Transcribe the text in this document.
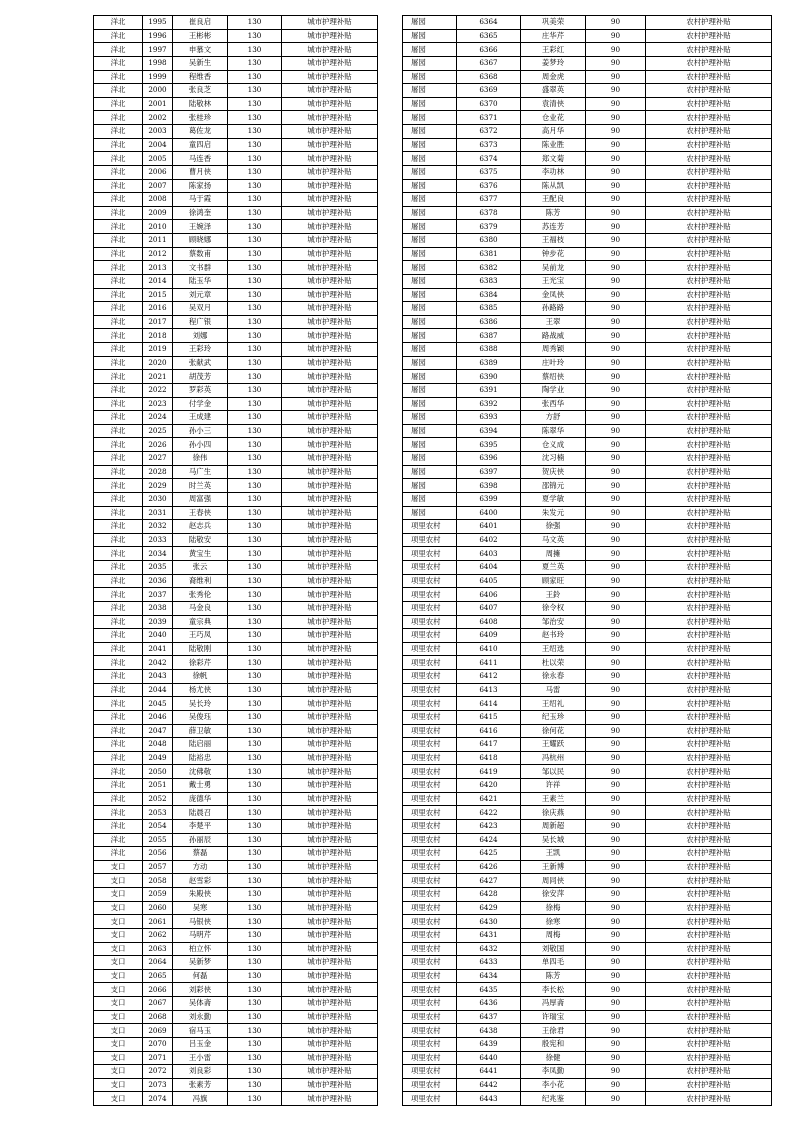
洋北	1995	崔良启	130	城市护理补贴
洋北	1996	王彬彬	130	城市护理补贴
洋北	1997	申慕文	130	城市护理补贴
洋北	1998	吴新生	130	城市护理补贴
洋北	1999	程维香	130	城市护理补贴
洋北	2000	张良芝	130	城市护理补贴
洋北	2001	陆敬林	130	城市护理补贴
洋北	2002	张桂珍	130	城市护理补贴
洋北	2003	葛佐龙	130	城市护理补贴
洋北	2004	童四启	130	城市护理补贴
洋北	2005	马连香	130	城市护理补贴
洋北	2006	曹月侠	130	城市护理补贴
洋北	2007	陈家扬	130	城市护理补贴
洋北	2008	马于霞	130	城市护理补贴
洋北	2009	徐鸿奎	130	城市护理补贴
洋北	2010	王婉泽	130	城市护理补贴
洋北	2011	顾晓娜	130	城市护理补贴
洋北	2012	蔡数甫	130	城市护理补贴
洋北	2013	文书群	130	城市护理补贴
洋北	2014	陆玉华	130	城市护理补贴
洋北	2015	刘元章	130	城市护理补贴
洋北	2016	吴双月	130	城市护理补贴
洋北	2017	程广银	130	城市护理补贴
洋北	2018	刘娜	130	城市护理补贴
洋北	2019	王彩玲	130	城市护理补贴
洋北	2020	张献武	130	城市护理补贴
洋北	2021	胡茂芳	130	城市护理补贴
洋北	2022	罗彩英	130	城市护理补贴
洋北	2023	付学金	130	城市护理补贴
洋北	2024	王成建	130	城市护理补贴
洋北	2025	孙小三	130	城市护理补贴
洋北	2026	孙小四	130	城市护理补贴
洋北	2027	徐伟	130	城市护理补贴
洋北	2028	马广生	130	城市护理补贴
洋北	2029	时兰英	130	城市护理补贴
洋北	2030	周富强	130	城市护理补贴
洋北	2031	王春侠	130	城市护理补贴
洋北	2032	赵志兵	130	城市护理补贴
洋北	2033	陆敬安	130	城市护理补贴
洋北	2034	黄宝生	130	城市护理补贴
洋北	2035	张云	130	城市护理补贴
洋北	2036	裔维利	130	城市护理补贴
洋北	2037	张秀伦	130	城市护理补贴
洋北	2038	马金良	130	城市护理补贴
洋北	2039	童宗典	130	城市护理补贴
洋北	2040	王巧凤	130	城市护理补贴
洋北	2041	陆敬刚	130	城市护理补贴
洋北	2042	徐彩芹	130	城市护理补贴
洋北	2043	徐帆	130	城市护理补贴
洋北	2044	杨尤侠	130	城市护理补贴
洋北	2045	吴长玲	130	城市护理补贴
洋北	2046	吴俊珏	130	城市护理补贴
洋北	2047	薛卫敏	130	城市护理补贴
洋北	2048	陆启丽	130	城市护理补贴
洋北	2049	陆裕忠	130	城市护理补贴
洋北	2050	沈佛敬	130	城市护理补贴
洋北	2051	戴士勇	130	城市护理补贴
洋北	2052	庞德华	130	城市护理补贴
洋北	2053	陆晨召	130	城市护理补贴
洋北	2054	李楚平	130	城市护理补贴
洋北	2055	孙丽辰	130	城市护理补贴
洋北	2056	蔡磊	130	城市护理补贴
支口	2057	方动	130	城市护理补贴
支口	2058	赵雪彩	130	城市护理补贴
支口	2059	朱殿侠	130	城市护理补贴
支口	2060	吴寒	130	城市护理补贴
支口	2061	马银侠	130	城市护理补贴
支口	2062	马明芹	130	城市护理补贴
支口	2063	柏立怀	130	城市护理补贴
支口	2064	吴新梦	130	城市护理补贴
支口	2065	何磊	130	城市护理补贴
支口	2066	刘彩侠	130	城市护理补贴
支口	2067	吴体斋	130	城市护理补贴
支口	2068	刘永勤	130	城市护理补贴
支口	2069	宿马玉	130	城市护理补贴
支口	2070	吕玉金	130	城市护理补贴
支口	2071	王小雷	130	城市护理补贴
支口	2072	刘良彩	130	城市护理补贴
支口	2073	张素芳	130	城市护理补贴
支口	2074	冯旗	130	城市护理补贴
屠园	6364	巩美荣	90	农村护理补贴
屠园	6365	庄华芹	90	农村护理补贴
屠园	6366	王彩红	90	农村护理补贴
屠园	6367	姜梦玲	90	农村护理补贴
屠园	6368	周金虎	90	农村护理补贴
屠园	6369	盛翠英	90	农村护理补贴
屠园	6370	袁清侠	90	农村护理补贴
屠园	6371	仓业花	90	农村护理补贴
屠园	6372	高月华	90	农村护理补贴
屠园	6373	陈业胜	90	农村护理补贴
屠园	6374	郑文菊	90	农村护理补贴
屠园	6375	李功林	90	农村护理补贴
屠园	6376	陈从凯	90	农村护理补贴
屠园	6377	王配良	90	农村护理补贴
屠园	6378	陈芳	90	农村护理补贴
屠园	6379	苏连芳	90	农村护理补贴
屠园	6380	王福枝	90	农村护理补贴
屠园	6381	钟步花	90	农村护理补贴
屠园	6382	吴前龙	90	农村护理补贴
屠园	6383	王光宝	90	农村护理补贴
屠园	6384	金凤侠	90	农村护理补贴
屠园	6385	孙路路	90	农村护理补贴
屠园	6386	王翠	90	农村护理补贴
屠园	6387	路战威	90	农村护理补贴
屠园	6388	周秀颖	90	农村护理补贴
屠园	6389	庄叶玲	90	农村护理补贴
屠园	6390	蔡绍侠	90	农村护理补贴
屠园	6391	陶学业	90	农村护理补贴
屠园	6392	张西华	90	农村护理补贴
屠园	6393	方舒	90	农村护理补贴
屠园	6394	陈翠华	90	农村护理补贴
屠园	6395	仓义成	90	农村护理补贴
屠园	6396	沈习楠	90	农村护理补贴
屠园	6397	贺庆侠	90	农村护理补贴
屠园	6398	邵锦元	90	农村护理补贴
屠园	6399	夏学敏	90	农村护理补贴
屠园	6400	朱发元	90	农村护理补贴
项里农村	6401	徐强	90	农村护理补贴
项里农村	6402	马文英	90	农村护理补贴
项里农村	6403	周擁	90	农村护理补贴
项里农村	6404	夏兰英	90	农村护理补贴
项里农村	6405	顾家旺	90	农村护理补贴
项里农村	6406	王鈴	90	农村护理补贴
项里农村	6407	徐令权	90	农村护理补贴
项里农村	6408	邹治安	90	农村护理补贴
项里农村	6409	赵书玲	90	农村护理补贴
项里农村	6410	王绍选	90	农村护理补贴
项里农村	6411	杜以荣	90	农村护理补贴
项里农村	6412	徐永春	90	农村护理补贴
项里农村	6413	马雷	90	农村护理补贴
项里农村	6414	王绍礼	90	农村护理补贴
项里农村	6415	纪玉珍	90	农村护理补贴
项里农村	6416	徐何花	90	农村护理补贴
项里农村	6417	王耀跃	90	农村护理补贴
项里农村	6418	冯杭州	90	农村护理补贴
项里农村	6419	邹以民	90	农村护理补贴
项里农村	6420	许祥	90	农村护理补贴
项里农村	6421	王素兰	90	农村护理补贴
项里农村	6422	徐庆燕	90	农村护理补贴
项里农村	6423	周新超	90	农村护理补贴
项里农村	6424	吴长城	90	农村护理补贴
项里农村	6425	王凯	90	农村护理补贴
项里农村	6426	王新博	90	农村护理补贴
项里农村	6427	周同侠	90	农村护理补贴
项里农村	6428	徐安萍	90	农村护理补贴
项里农村	6429	徐梅	90	农村护理补贴
项里农村	6430	徐寒	90	农村护理补贴
项里农村	6431	周梅	90	农村护理补贴
项里农村	6432	刘敬国	90	农村护理补贴
项里农村	6433	单四毛	90	农村护理补贴
项里农村	6434	陈芳	90	农村护理补贴
项里农村	6435	李长松	90	农村护理补贴
项里农村	6436	冯厚斋	90	农村护理补贴
项里农村	6437	许瑞宝	90	农村护理补贴
项里农村	6438	王徐君	90	农村护理补贴
项里农村	6439	殷宪和	90	农村护理补贴
项里农村	6440	徐健	90	农村护理补贴
项里农村	6441	李凤勤	90	农村护理补贴
项里农村	6442	李小花	90	农村护理补贴
项里农村	6443	纪兆鉴	90	农村护理补贴
